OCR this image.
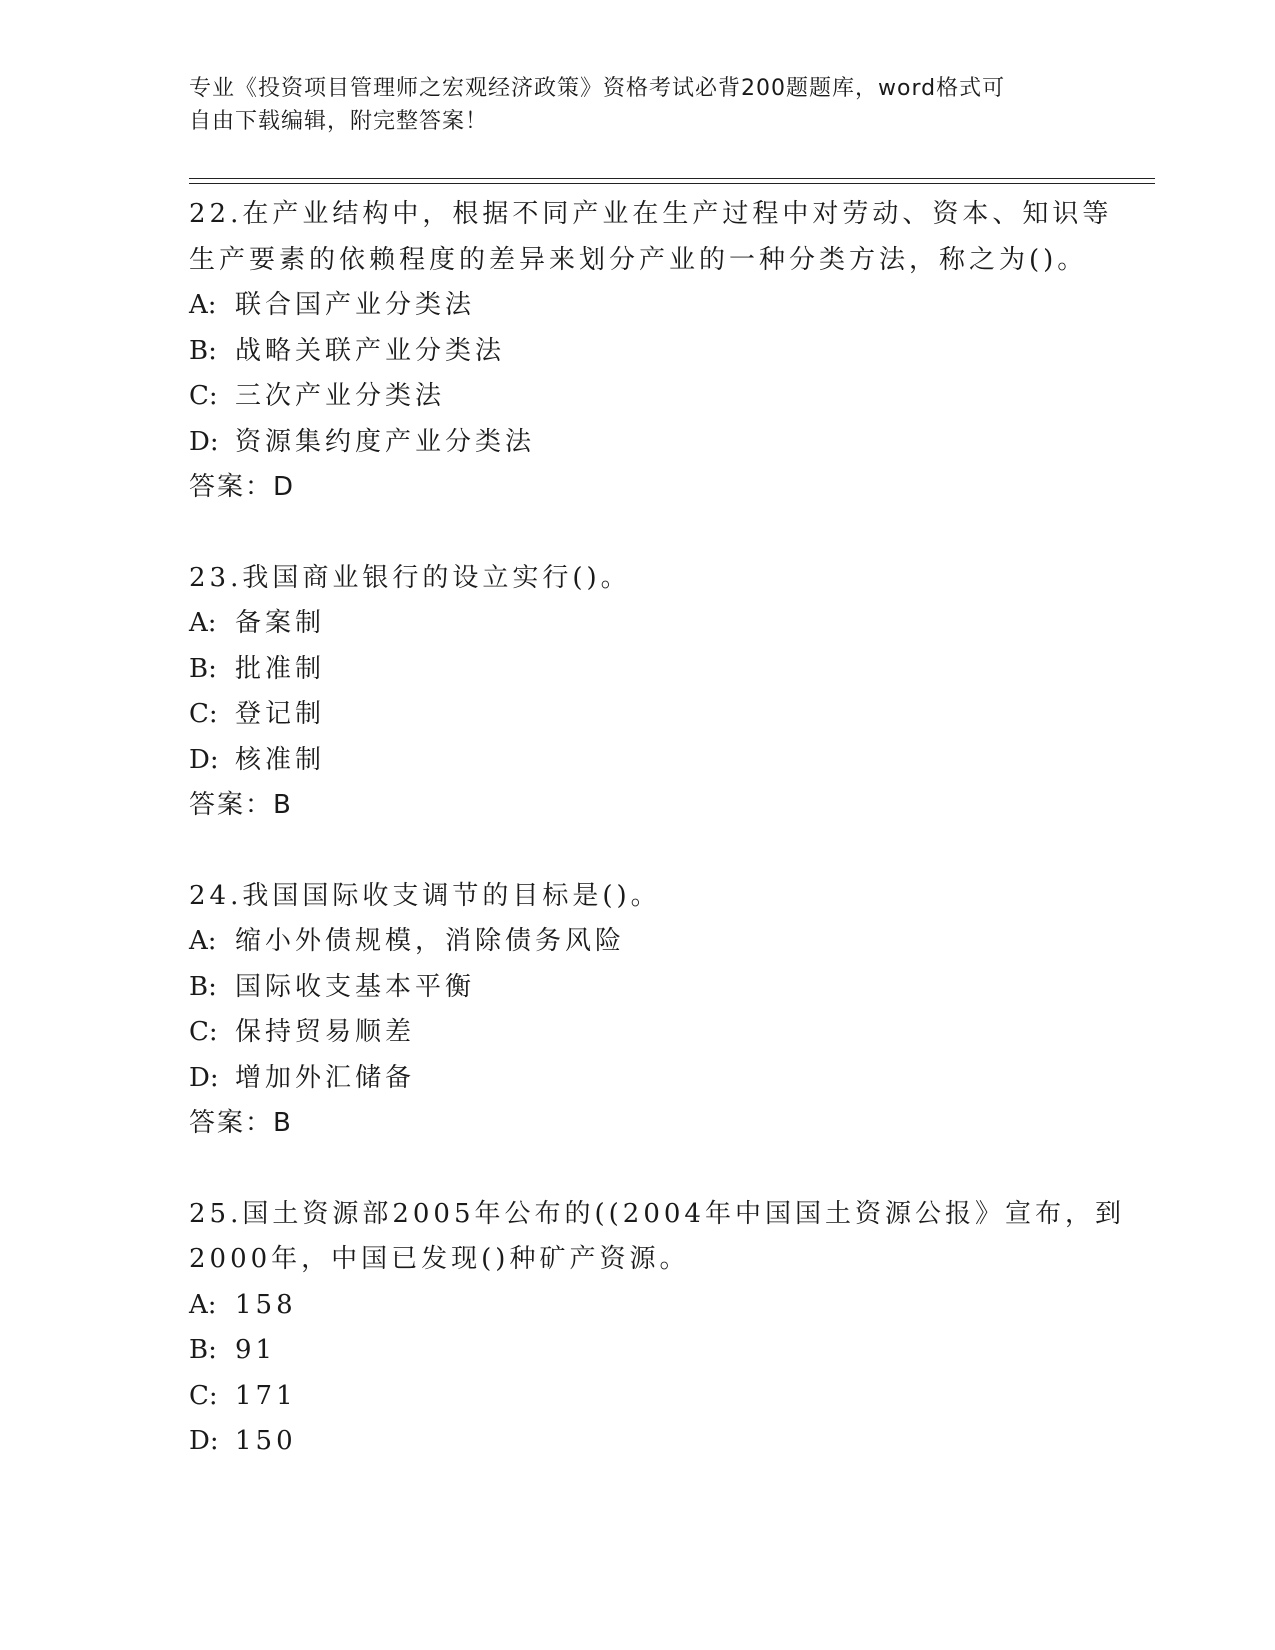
专业《投资项目管理师之宏观经济政策》资格考试必背200题题库，word格式可
自由下载编辑，附完整答案！
22.在产业结构中，根据不同产业在生产过程中对劳动、资本、知识等
生产要素的依赖程度的差异来划分产业的一种分类方法，称之为()。
A: 联合国产业分类法
B: 战略关联产业分类法
C: 三次产业分类法
D: 资源集约度产业分类法
答案：D
23.我国商业银行的设立实行()。
A: 备案制
B: 批准制
C: 登记制
D: 核准制
答案：B
24.我国国际收支调节的目标是()。
A: 缩小外债规模，消除债务风险
B: 国际收支基本平衡
C: 保持贸易顺差
D: 增加外汇储备
答案：B
25.国土资源部2005年公布的((2004年中国国土资源公报》宣布，到
2000年，中国已发现()种矿产资源。
A: 158
B: 91
C: 171
D: 150
